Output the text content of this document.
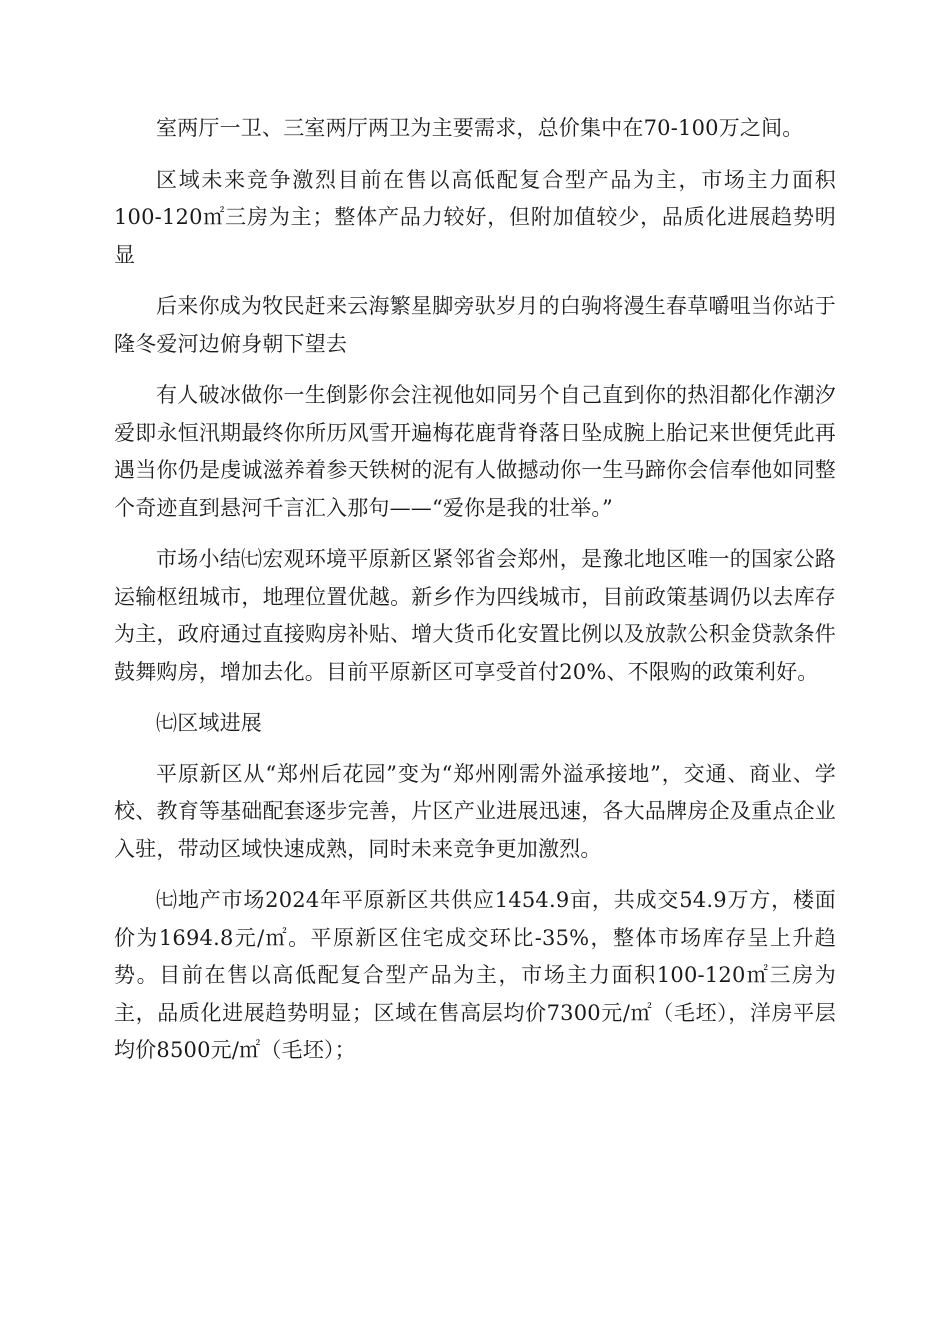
室两厅一卫、三室两厅两卫为主要需求，总价集中在70-100万之间。

区域未来竞争激烈目前在售以高低配复合型产品为主，市场主力面积100-120㎡三房为主；整体产品力较好，但附加值较少，品质化进展趋势明显

后来你成为牧民赶来云海繁星脚旁驮岁月的白驹将漫生春草嚼咀当你站于隆冬爱河边俯身朝下望去

有人破冰做你一生倒影你会注视他如同另个自己直到你的热泪都化作潮汐爱即永恒汛期最终你所历风雪开遍梅花鹿背脊落日坠成腕上胎记来世便凭此再遇当你仍是虔诚滋养着参天铁树的泥有人做撼动你一生马蹄你会信奉他如同整个奇迹直到悬河千言汇入那句——“爱你是我的壮举。”

市场小结㈦宏观环境平原新区紧邻省会郑州，是豫北地区唯一的国家公路运输枢纽城市，地理位置优越。新乡作为四线城市，目前政策基调仍以去库存为主，政府通过直接购房补贴、增大货币化安置比例以及放款公积金贷款条件鼓舞购房，增加去化。目前平原新区可享受首付20%、不限购的政策利好。

㈦区域进展

平原新区从“郑州后花园”变为“郑州刚需外溢承接地”，交通、商业、学校、教育等基础配套逐步完善，片区产业进展迅速，各大品牌房企及重点企业入驻，带动区域快速成熟，同时未来竞争更加激烈。

㈦地产市场2024年平原新区共供应1454.9亩，共成交54.9万方，楼面价为1694.8元/㎡。平原新区住宅成交环比-35%，整体市场库存呈上升趋势。目前在售以高低配复合型产品为主，市场主力面积100-120㎡三房为主，品质化进展趋势明显；区域在售高层均价7300元/㎡（毛坯），洋房平层均价8500元/㎡（毛坯）；
